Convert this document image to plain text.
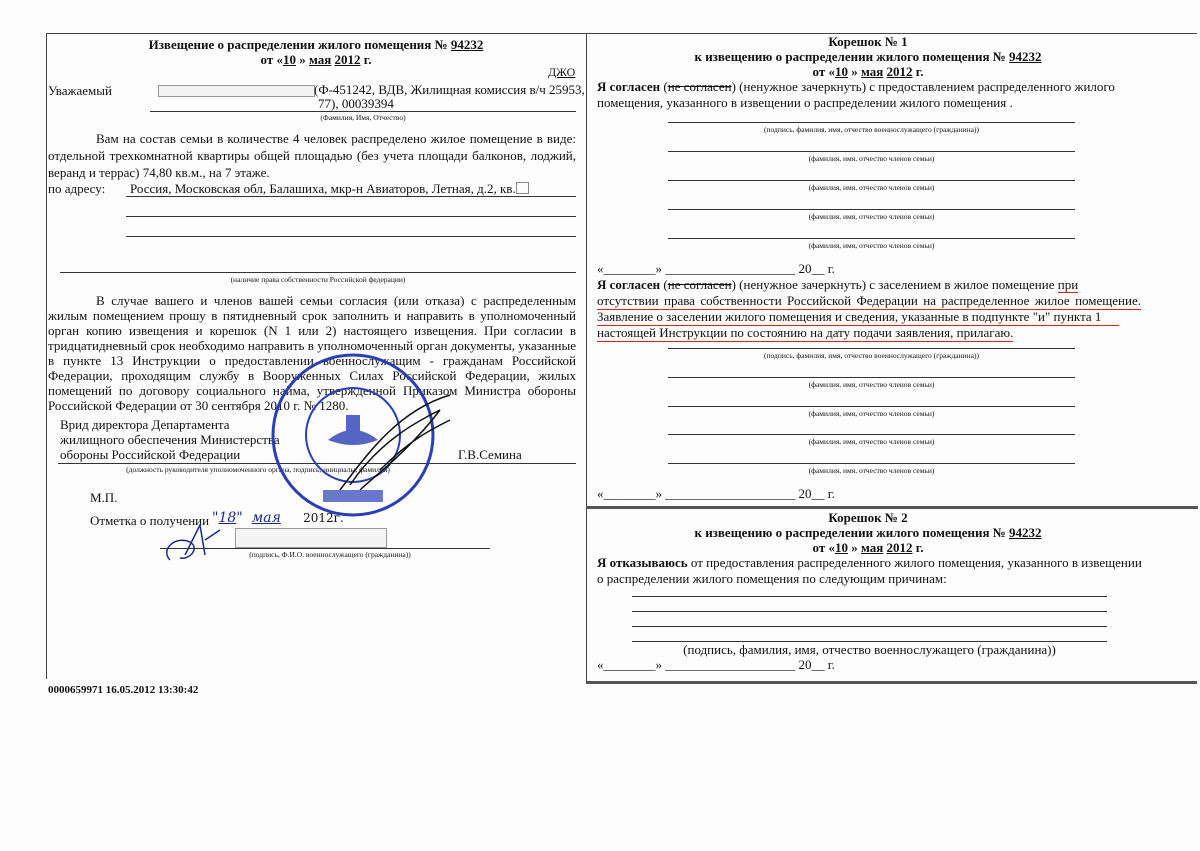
Извещение о распределении жилого помещения № 94232
от «10 » мая 2012 г.
ДЖО
Уважаемый	(Ф-451242, ВДВ, Жилищная комиссия в/ч 25953,
77), 00039394
(Фамилия, Имя, Отчество)
Вам на состав семьи в количестве 4 человек распределено жилое помещение в виде: отдельной трехкомнатной квартиры общей площадью (без учета площади балконов, лоджий, веранд и террас) 74,80 кв.м., на 7 этаже.
по адресу: Россия, Московская обл, Балашиха, мкр-н Авиаторов, Летная, д.2, кв.
(наличие права собственности Российской федерации)
В случае вашего и членов вашей семьи согласия (или отказа) с распределенным жилым помещением прошу в пятидневный срок заполнить и направить в уполномоченный орган копию извещения и корешок (N 1 или 2) настоящего извещения. При согласии в тридцатидневный срок необходимо направить в уполномоченный орган документы, указанные в пункте 13 Инструкции о предоставлении военнослужащим - гражданам Российской Федерации, проходящим службу в Вооруженных Силах Российской Федерации, жилых помещений по договору социального найма, утвержденной Приказом Министра обороны Российской Федерации от 30 сентября 2010 г. № 1280.
Врид директора Департамента
жилищного обеспечения Министерства
обороны Российской Федерации	Г.В.Семина
(должность руководителя уполномоченного органа, подпись, инициалы, фамилия)
М.П.
Отметка о получении "18"  мая 2012г.
(подпись, Ф.И.О. военнослужащего (гражданина))
Корешок № 1
к извещению о распределении жилого помещения № 94232
от «10 » мая 2012 г.
Я согласен (не согласен) (ненужное зачеркнуть) с предоставлением распределенного жилого помещения, указанного в извещении о распределении жилого помещения .
(подпись, фамилия, имя, отчество военнослужащего (гражданина))
(фамилия, имя, отчество членов семьи)
(фамилия, имя, отчество членов семьи)
(фамилия, имя, отчество членов семьи)
(фамилия, имя, отчество членов семьи)
«________» ____________________ 20__ г.
Я согласен (не согласен) (ненужное зачеркнуть) с заселением в жилое помещение при
отсутствии права собственности Российской Федерации на распределенное жилое помещение.
Заявление о заселении жилого помещения и сведения, указанные в подпункте "и" пункта 1
настоящей Инструкции по состоянию на дату подачи заявления, прилагаю.
(подпись, фамилия, имя, отчество военнослужащего (гражданина))
(фамилия, имя, отчество членов семьи)
(фамилия, имя, отчество членов семьи)
(фамилия, имя, отчество членов семьи)
(фамилия, имя, отчество членов семьи)
«________» ____________________ 20__ г.
Корешок № 2
к извещению о распределении жилого помещения № 94232
от «10 » мая 2012 г.
Я отказываюсь от предоставления распределенного жилого помещения, указанного в извещении о распределении жилого помещения по следующим причинам:
(подпись, фамилия, имя, отчество военнослужащего (гражданина))
«________» ____________________ 20__ г.
0000659971 16.05.2012 13:30:42
